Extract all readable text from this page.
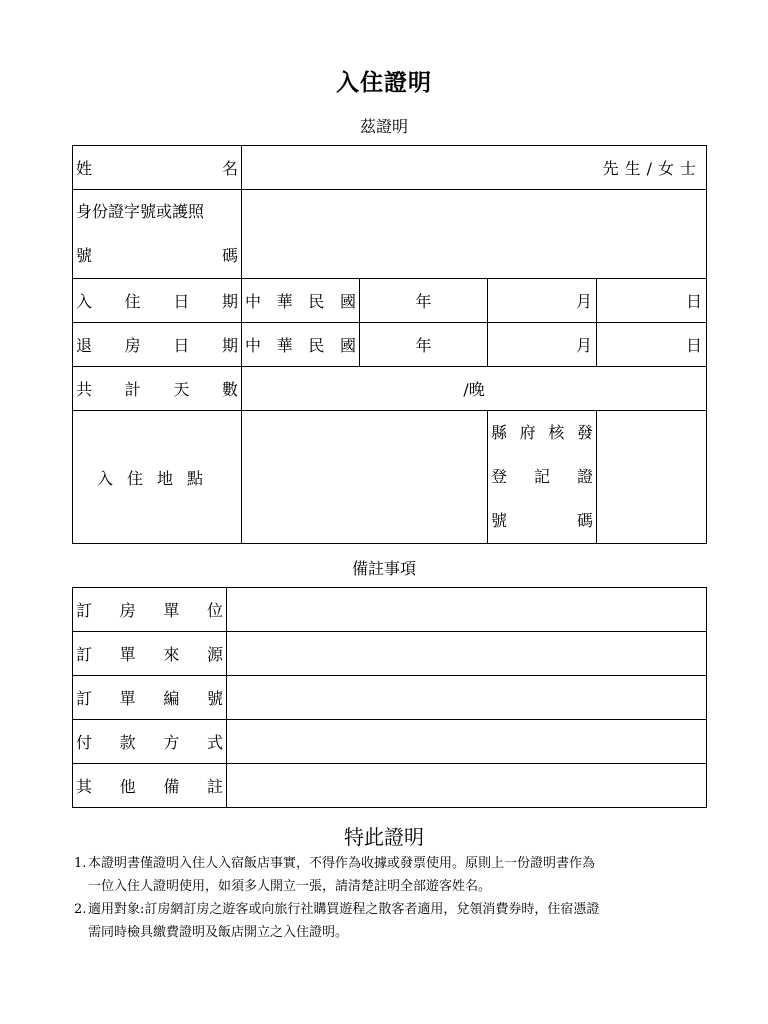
入住證明
茲證明
姓名	先生/女士			

身份證字號或護照
號碼				

入住日期	中華民國	年	月	日
退房日期	中華民國	年	月	日
共計天數	/晚			
入住地點			縣府核發
登記證
號碼	

備註事項
訂房單位	
訂單來源	
訂單編號	
付款方式	
其他備註	
特此證明
1. 本證明書僅證明入住人入宿飯店事實，不得作為收據或發票使用。原則上一份證明書作為
一位入住人證明使用，如須多人開立一張，請清楚註明全部遊客姓名。
2. 適用對象:訂房網訂房之遊客或向旅行社購買遊程之散客者適用，兌領消費券時，住宿憑證
需同時檢具繳費證明及飯店開立之入住證明。
